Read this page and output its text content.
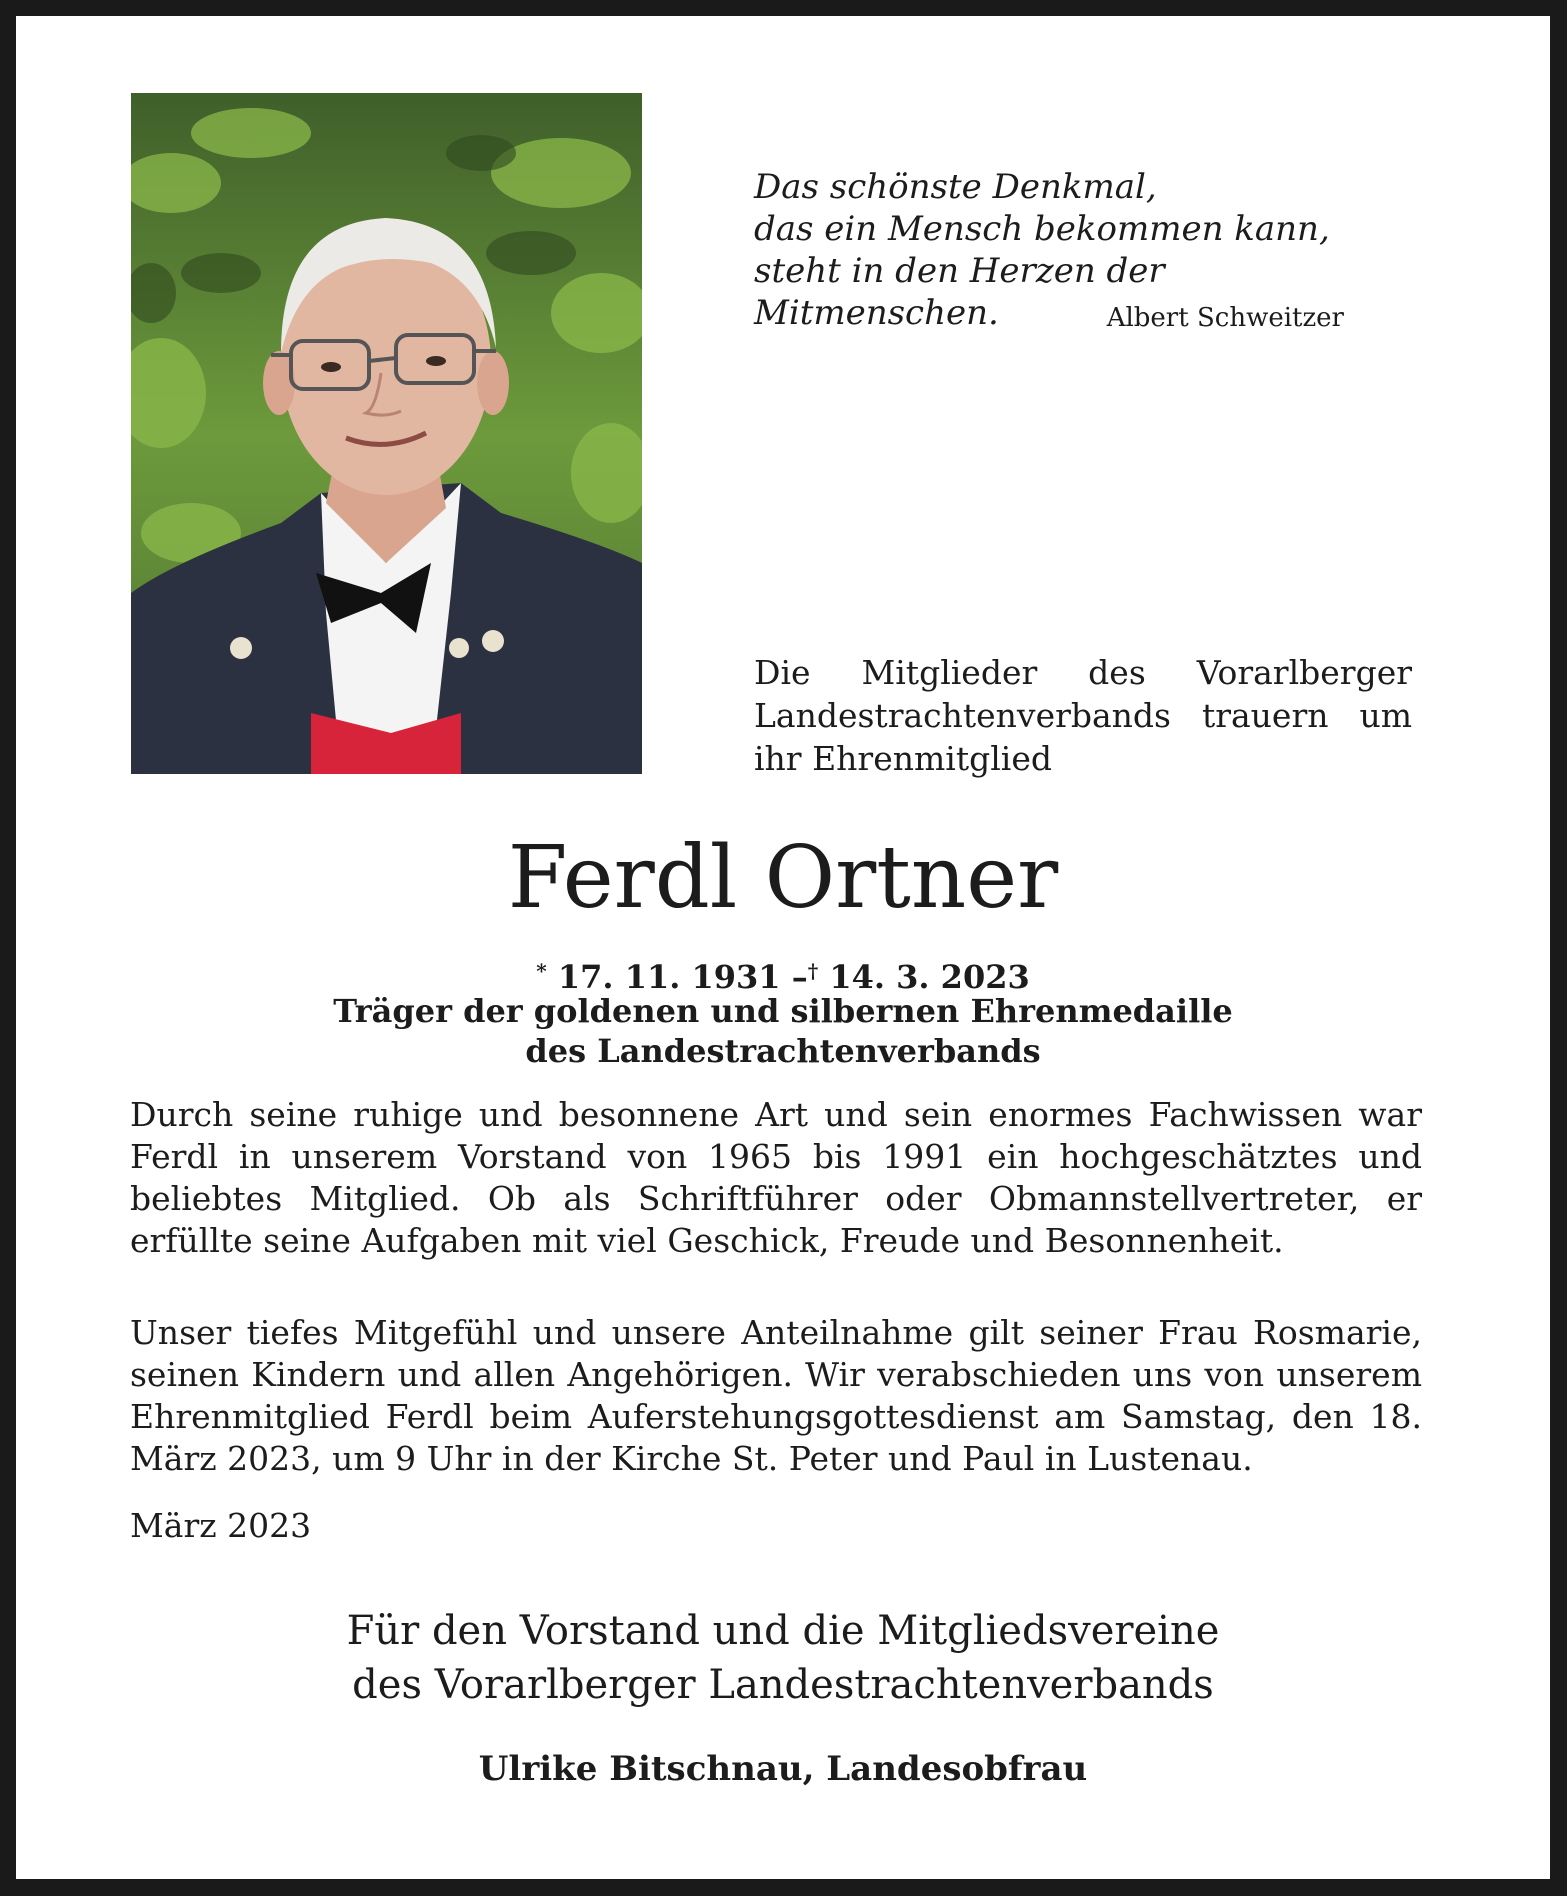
Das schönste Denkmal,
das ein Mensch bekommen kann,
steht in den Herzen der Mitmenschen.	Albert Schweitzer
Die Mitglieder des Vorarlberger Landestrachtenverbands trauern um ihr Ehrenmitglied
Ferdl Ortner
* 17. 11. 1931 –† 14. 3. 2023
Träger der goldenen und silbernen Ehrenmedaille
des Landestrachtenverbands
Durch seine ruhige und besonnene Art und sein enormes Fachwissen war Ferdl in unserem Vorstand von 1965 bis 1991 ein hochgeschätztes und beliebtes Mitglied. Ob als Schriftführer oder Obmannstellvertreter, er erfüllte seine Aufgaben mit viel Geschick, Freude und Besonnenheit.
Unser tiefes Mitgefühl und unsere Anteilnahme gilt seiner Frau Rosmarie, seinen Kindern und allen Angehörigen. Wir verabschieden uns von unserem Ehrenmitglied Ferdl beim Auferstehungsgottesdienst am Samstag, den 18. März 2023, um 9 Uhr in der Kirche St. Peter und Paul in Lustenau.
März 2023
Für den Vorstand und die Mitgliedsvereine
des Vorarlberger Landestrachtenverbands
Ulrike Bitschnau, Landesobfrau
